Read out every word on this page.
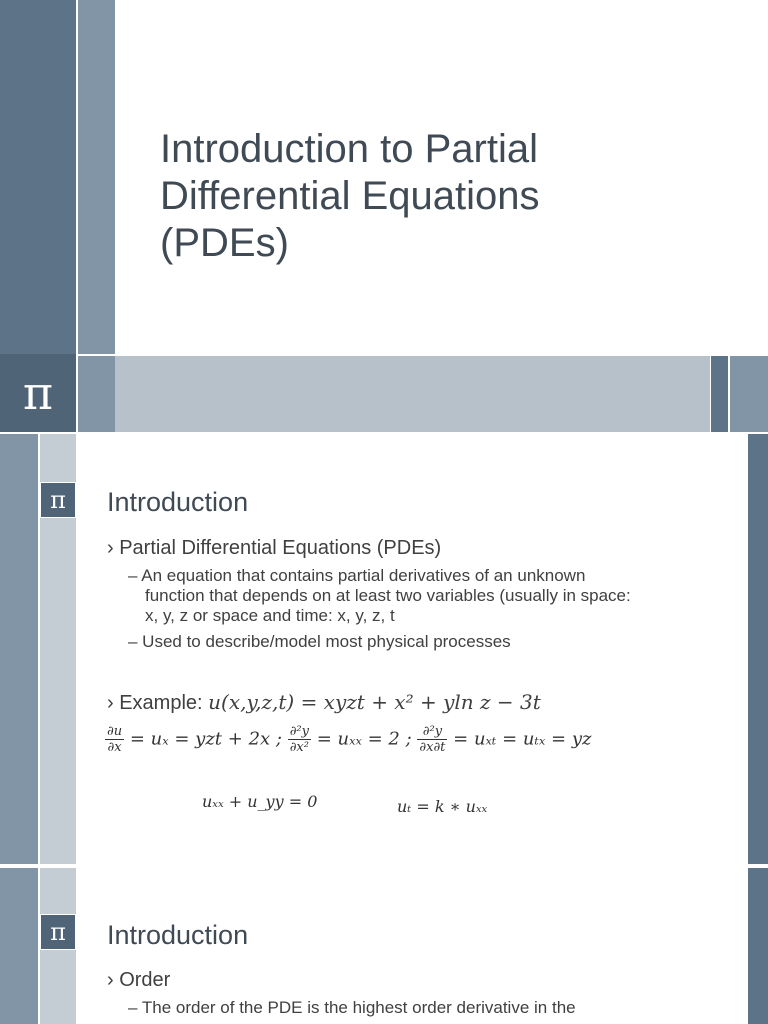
Introduction to Partial
Differential Equations
(PDEs)
π
π	Introduction
› Partial Differential Equations (PDEs)
– An equation that contains partial derivatives of an unknown
function that depends on at least two variables (usually in space:
x, y, z or space and time: x, y, z, t
– Used to describe/model most physical processes
› Example: u(x,y,z,t) = xyzt + x² + yln z − 3t
$\frac{\partial u}{\partial x} = u_x$ = yzt + 2x ; $\frac{\text{∂²y}}{\text{∂x²}} = u_{xx} = 2$ ; $\frac{\text{∂²y}}{\partial x\partial t} = u_{xt} = u_{tx}$ = yz
uₓₓ + u_yy = 0	uₜ = k ∗ uₓₓ
π	Introduction
› Order
– The order of the PDE is the highest order derivative in the
